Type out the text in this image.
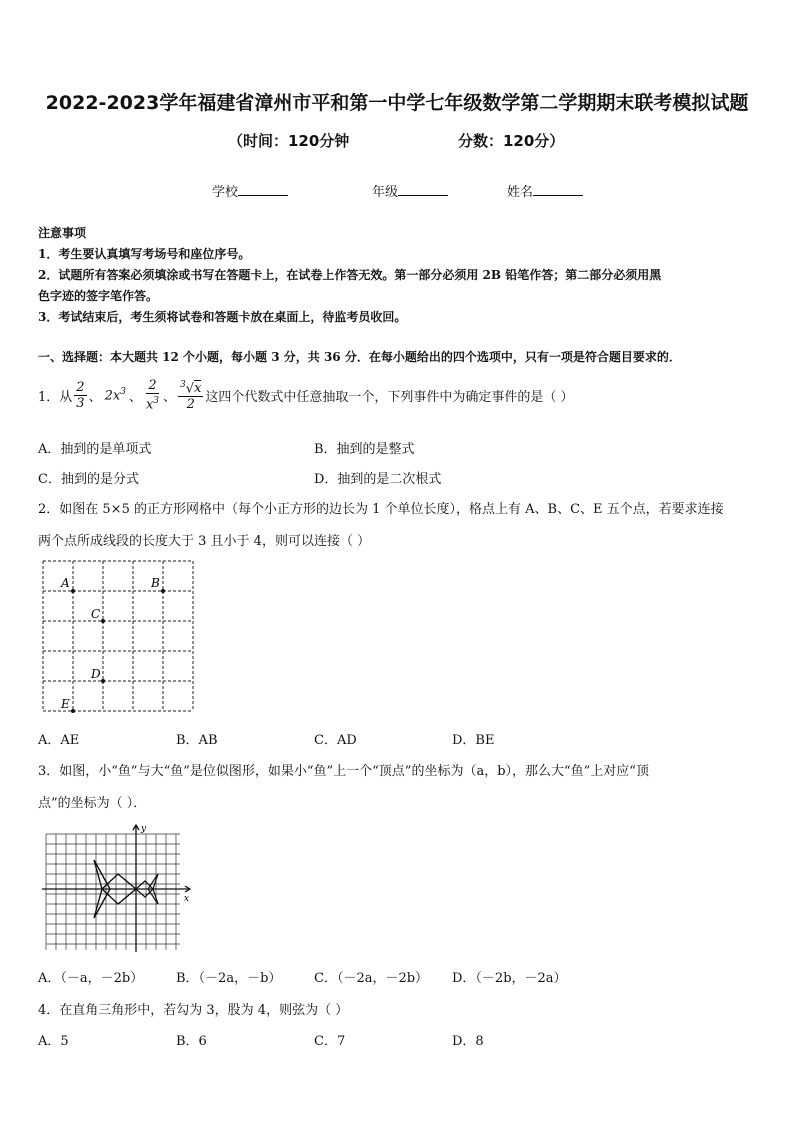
2022-2023学年福建省漳州市平和第一中学七年级数学第二学期期末联考模拟试题
（时间：120分钟	分数：120分）
学校	年级	姓名
注意事项
1．考生要认真填写考场号和座位序号。
2．试题所有答案必须填涂或书写在答题卡上，在试卷上作答无效。第一部分必须用 2B 铅笔作答；第二部分必须用黑
色字迹的签字笔作答。
3．考试结束后，考生须将试卷和答题卡放在桌面上，待监考员收回。
一、选择题：本大题共 12 个小题，每小题 3 分，共 36 分．在每小题给出的四个选项中，只有一项是符合题目要求的．
1．从 $\frac{2}{3}$ 、 $2x^3$ 、 $\frac{2}{x^3}$ 、 $\frac{^3√x}{2}$ 这四个代数式中任意抽取一个，下列事件中为确定事件的是（ ）
A．抽到的是单项式	B．抽到的是整式
C．抽到的是分式	D．抽到的是二次根式
2．如图在 5×5 的正方形网格中（每个小正方形的边长为 1 个单位长度），格点上有 A、B、C、E 五个点，若要求连接
两个点所成线段的长度大于 3 且小于 4，则可以连接（ ）
A	B
C
D
E
A．AE	B．AB	C．AD	D．BE
3．如图，小“鱼”与大“鱼”是位似图形，如果小“鱼”上一个“顶点”的坐标为（a，b），那么大“鱼”上对应“顶
点”的坐标为（ ）．
x
y
A．（－a，－2b）	B．（－2a，－b）	C．（－2a，－2b） D．（－2b，－2a）
4．在直角三角形中，若勾为 3，股为 4，则弦为（ ）
A．5	B．6	C．7	D．8
